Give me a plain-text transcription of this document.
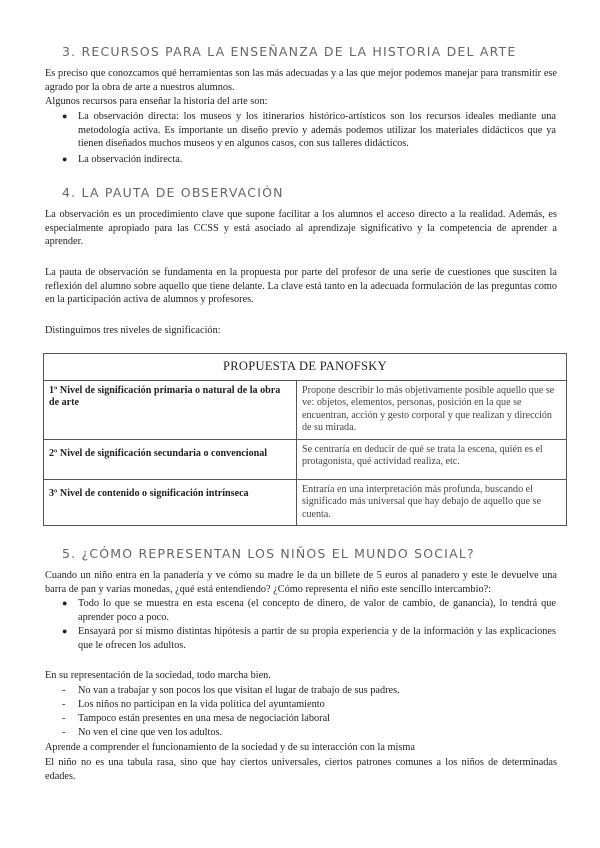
3. RECURSOS PARA LA ENSEÑANZA DE LA HISTORIA DEL ARTE

Es preciso que conozcamos qué herramientas son las más adecuadas y a las que mejor podemos manejar para transmitir ese agrado por la obra de arte a nuestros alumnos.

Algunos recursos para enseñar la historia del arte son:

● La observación directa: los museos y los itinerarios histórico-artísticos son los recursos ideales mediante una metodología activa. Es importante un diseño previo y además podemos utilizar los materiales didácticos que ya tienen diseñados muchos museos y en algunos casos, con sus talleres didácticos.
● La observación indirecta.
4. LA PAUTA DE OBSERVACIÓN

La observación es un procedimiento clave que supone facilitar a los alumnos el acceso directo a la realidad. Además, es especialmente apropiado para las CCSS y está asociado al aprendizaje significativo y la competencia de aprender a aprender.

La pauta de observación se fundamenta en la propuesta por parte del profesor de una serie de cuestiones que susciten la reflexión del alumno sobre aquello que tiene delante. La clave está tanto en la adecuada formulación de las preguntas como en la participación activa de alumnos y profesores.

Distinguimos tres niveles de significación:

PROPUESTA DE PANOFSKY	
1º Nivel de significación primaria o natural de la obra de arte	Propone describir lo más objetivamente posible aquello que se ve: objetos, elementos, personas, posición en la que se encuentran, acción y gesto corporal y que realizan y dirección de su mirada.
2º Nivel de significación secundaria o convencional	Se centraría en deducir de qué se trata la escena, quién es el protagonista, qué actividad realiza, etc.
3º Nivel de contenido o significación intrínseca	Entraría en una interpretación más profunda, buscando el significado más universal que hay debajo de aquello que se cuenta.
5. ¿CÓMO REPRESENTAN LOS NIÑOS EL MUNDO SOCIAL?

Cuando un niño entra en la panadería y ve cómo su madre le da un billete de 5 euros al panadero y este le devuelve una barra de pan y varias monedas, ¿qué está entendiendo? ¿Cómo representa el niño este sencillo intercambio?:

● Todo lo que se muestra en esta escena (el concepto de dinero, de valor de cambio, de ganancia), lo tendrá que aprender poco a poco.
● Ensayará por sí mismo distintas hipótesis a partir de su propia experiencia y de la información y las explicaciones que le ofrecen los adultos.

En su representación de la sociedad, todo marcha bien.

- No van a trabajar y son pocos los que visitan el lugar de trabajo de sus padres.
- Los niños no participan en la vida política del ayuntamiento
- Tampoco están presentes en una mesa de negociación laboral
- No ven el cine que ven los adultos.

Aprende a comprender el funcionamiento de la sociedad y de su interacción con la misma

El niño no es una tabula rasa, sino que hay ciertos universales, ciertos patrones comunes a los niños de determinadas edades.
